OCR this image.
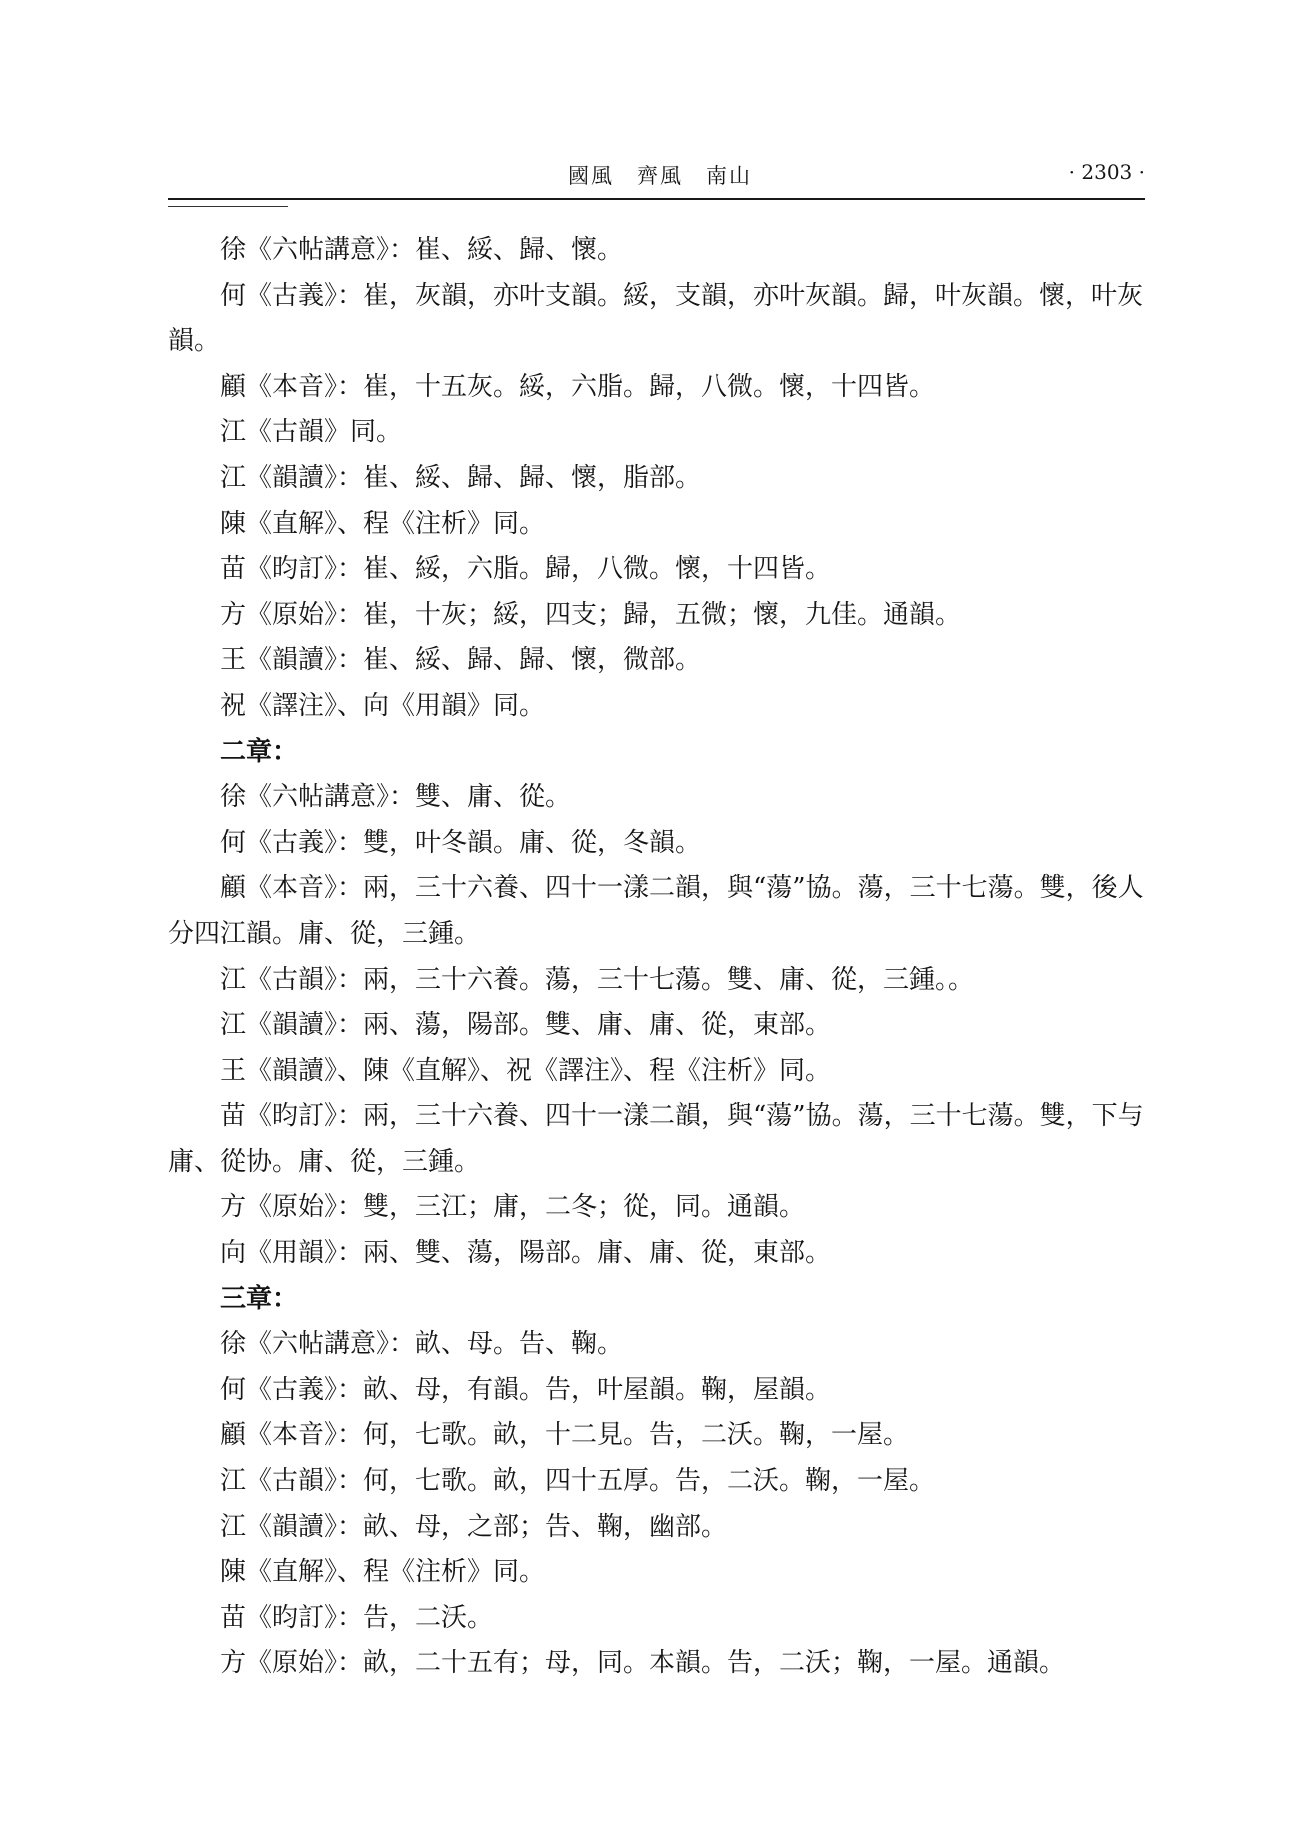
國風　齊風　南山	· 2303 ·

徐《六帖講意》：崔、綏、歸、懷。

何《古義》：崔，灰韻，亦叶支韻。綏，支韻，亦叶灰韻。歸，叶灰韻。懷，叶灰韻。

顧《本音》：崔，十五灰。綏，六脂。歸，八微。懷，十四皆。

江《古韻》同。

江《韻讀》：崔、綏、歸、歸、懷，脂部。

陳《直解》、程《注析》同。

苗《昀訂》：崔、綏，六脂。歸，八微。懷，十四皆。

方《原始》：崔，十灰；綏，四支；歸，五微；懷，九佳。通韻。

王《韻讀》：崔、綏、歸、歸、懷，微部。

祝《譯注》、向《用韻》同。

二章：

徐《六帖講意》：雙、庸、從。

何《古義》：雙，叶冬韻。庸、從，冬韻。

顧《本音》：兩，三十六養、四十一漾二韻，與“蕩”協。蕩，三十七蕩。雙，後人分四江韻。庸、從，三鍾。

江《古韻》：兩，三十六養。蕩，三十七蕩。雙、庸、從，三鍾。。

江《韻讀》：兩、蕩，陽部。雙、庸、庸、從，東部。

王《韻讀》、陳《直解》、祝《譯注》、程《注析》同。

苗《昀訂》：兩，三十六養、四十一漾二韻，與“蕩”協。蕩，三十七蕩。雙，下与庸、從协。庸、從，三鍾。

方《原始》：雙，三江；庸，二冬；從，同。通韻。

向《用韻》：兩、雙、蕩，陽部。庸、庸、從，東部。

三章：

徐《六帖講意》：畝、母。告、鞠。

何《古義》：畝、母，有韻。告，叶屋韻。鞠，屋韻。

顧《本音》：何，七歌。畝，十二見。告，二沃。鞠，一屋。

江《古韻》：何，七歌。畝，四十五厚。告，二沃。鞠，一屋。

江《韻讀》：畝、母，之部；告、鞠，幽部。

陳《直解》、程《注析》同。

苗《昀訂》：告，二沃。

方《原始》：畝，二十五有；母，同。本韻。告，二沃；鞠，一屋。通韻。
